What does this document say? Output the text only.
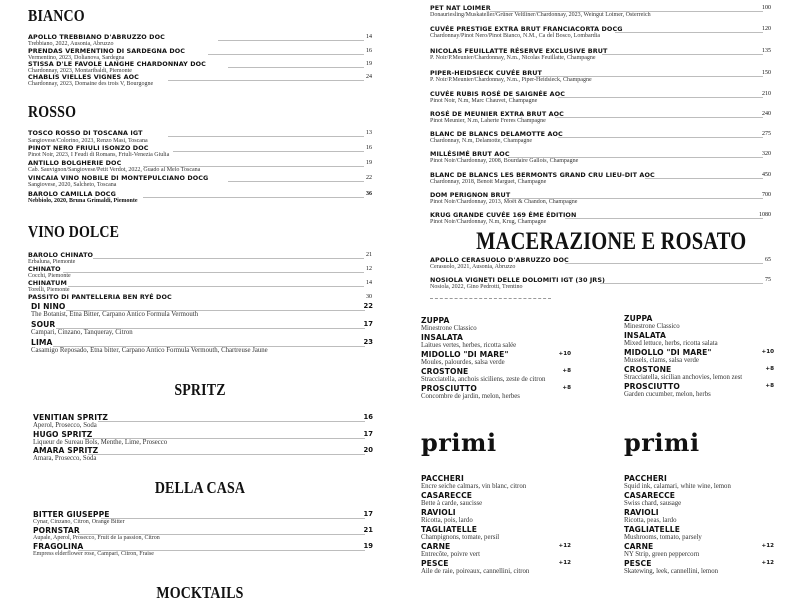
BIANCO
APOLLO TREBBIANO D'ABRUZZO DOC	14
Trebbiano, 2022, Ausonia, Abruzzo
PRENDAS VERMENTINO DI SARDEGNA DOC	16
Vermentino, 2023, Dolianova, Sardegna
STISSA D'LE FAVOLE LANGHE CHARDONNAY DOC	19
Chardonnay, 2023, Montaribaldi, Piemonte
CHABLIS VIELLES VIGNES AOC	24
Chardonnay, 2023, Domaine des trois V, Bourgogne
ROSSO
TOSCO ROSSO DI TOSCANA IGT	13
Sangiovese/Colorino, 2023, Renzo Masi, Toscana
PINOT NERO FRIULI ISONZO DOC	16
Pinot Noir, 2023, I Feudi di Romans, Friuli-Venezia Giulia
ANTILLO BOLGHERIE DOC	19
Cab. Sauvignon/Sangiovese/Petit Verdot, 2022, Guado al Melo Toscana
VINCAIA VINO NOBILE DI MONTEPULCIANO DOCG	22
Sangiovese, 2020, Salcheto, Toscana
BAROLO CAMILLA DOCG	36
Nebbiolo, 2020, Bruna Grimaldi, Piemonte
VINO DOLCE
BAROLO CHINATO	21
Erbaluna, Piemonte
CHINATO	12
Cocchi, Piemonte
CHINATUM	14
Torelli, Piemonte
PASSITO DI PANTELLERIA BEN RYÉ DOC	30
DI NINO	22
The Botanist, Etna Bitter, Carpano Antico Formula Vermouth
SOUR	17
Campari, Cinzano, Tanqueray, Citron
LIMA	23
Casamigo Reposado, Etna bitter, Carpano Antico Formula Vermouth, Chartreuse Jaune
SPRITZ
VENITIAN SPRITZ	16
Aperol, Prosecco, Soda
HUGO SPRITZ	17
Liqueur de Sureau Bols, Menthe, Lime, Prosecco
AMARA SPRITZ	20
Amara, Prosecco, Soda
DELLA CASA
BITTER GIUSEPPE	17
Cynar, Cinzano, Citron, Orange Bitter
PORNSTAR	21
Aupale, Aperol, Prosecco, Fruit de la passion, Citron
FRAGOLINA	19
Empress elderflower rose, Campari, Citron, Fraise
MOCKTAILS
PET NAT LOIMER	100
Donauriesling/Muskateller/Grüner Veltliner/Chardonnay, 2023, Weingut Loimer, Österreich
CUVÉE PRESTIGE EXTRA BRUT FRANCIACORTA DOCG	120
Chardonnay/Pinot Nero/Pinot Bianco, N.M., Ca del Bosco, Lombardia
NICOLAS FEUILLATTE RÉSERVE EXCLUSIVE BRUT	135
P. Noir/P.Meunier/Chardonnay, N.m., Nicolas Feuillatte, Champagne
PIPER-HEIDSIECK CUVÉE BRUT	150
P. Noir/P.Meunier/Chardonnay, N.m., Piper-Heidsieck, Champagne
CUVÉE RUBIS ROSÉ DE SAIGNÉE AOC	210
Pinot Noir, N.m, Marc Chauvet, Champagne
ROSÉ DE MEUNIER EXTRA BRUT AOC	240
Pinot Meunier, N.m, Laherte Freres Champagne
BLANC DE BLANCS DELAMOTTE AOC	275
Chardonnay, N.m, Delamotte, Champagne
MILLÉSIMÉ BRUT AOC	320
Pinot Noir/Chardonnay, 2008, Bourdaire Gallois, Champagne
BLANC DE BLANCS LES BERMONTS GRAND CRU LIEU-DIT AOC	450
Chardonnay, 2018, Benoit Marguet, Champagne
DOM PERIGNON BRUT	700
Pinot Noir/Chardonnay, 2013, Moët & Chandon, Champagne
KRUG GRANDE CUVÉE 169 ÉME ÉDITION	1080
Pinot Noir/Chardonnay, N.m, Krug, Champagne
MACERAZIONE E ROSATO
APOLLO CERASUOLO D'ABRUZZO DOC	65
Cerasuolo, 2021, Ausonia, Abruzzo
NOSIOLA VIGNETI DELLE DOLOMITI IGT (30 JRS)	75
Nosiola, 2022, Gino Pedrotti, Trentino
ZUPPA
Minestrone Classico
INSALATA
Laitues vertes, herbes, ricotta salée
MIDOLLO "DI MARE"	+10
Moules, palourdes, salsa verde
CROSTONE	+8
Stracciatella, anchois siciliens, zeste de citron
PROSCIUTTO	+8
Concombre de jardin, melon, herbes
ZUPPA
Minestrone Classico
INSALATA
Mixed lettuce, herbs, ricotta salata
MIDOLLO "DI MARE"	+10
Mussels, clams, salsa verde
CROSTONE	+8
Stracciatella, sicilian anchovies, lemon zest
PROSCIUTTO	+8
Garden cucumber, melon, herbs
primi	primi
PACCHERI
Encre seiche calmars, vin blanc, citron
CASARECCE
Bette à carde, saucisse
RAVIOLI
Ricotta, pois, lardo
TAGLIATELLE
Champignons, tomate, persil
CARNE	+12
Entrecôte, poivre vert
PESCE	+12
Aile de raie, poireaux, cannellini, citron
PACCHERI
Squid ink, calamari, white wine, lemon
CASARECCE
Swiss chard, sausage
RAVIOLI
Ricotta, peas, lardo
TAGLIATELLE
Mushrooms, tomato, parsely
CARNE	+12
NY Strip, green peppercorn
PESCE	+12
Skatewing, leek, cannellini, lemon
